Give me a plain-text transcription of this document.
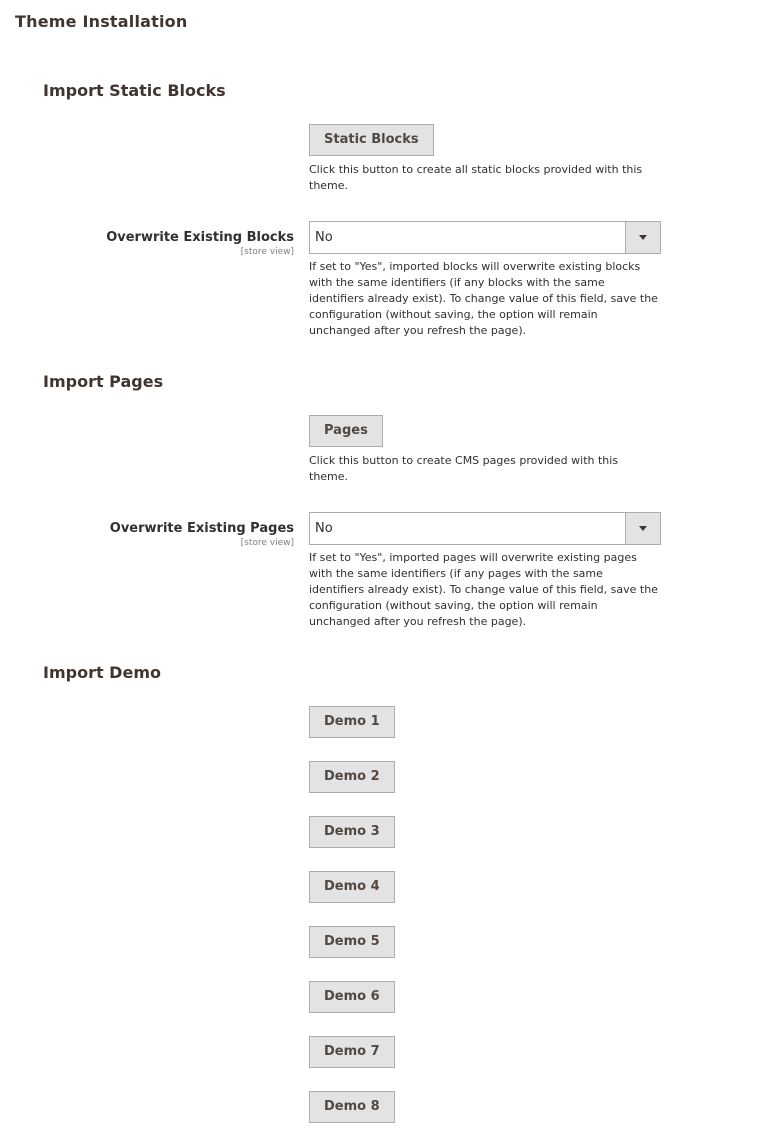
Theme Installation
Import Static Blocks
Static Blocks
Click this button to create all static blocks provided with this theme.
Overwrite Existing Blocks
[store view]
No
If set to "Yes", imported blocks will overwrite existing blocks with the same identifiers (if any blocks with the same identifiers already exist). To change value of this field, save the configuration (without saving, the option will remain unchanged after you refresh the page).
Import Pages
Pages
Click this button to create CMS pages provided with this theme.
Overwrite Existing Pages
[store view]
No
If set to "Yes", imported pages will overwrite existing pages with the same identifiers (if any pages with the same identifiers already exist). To change value of this field, save the configuration (without saving, the option will remain unchanged after you refresh the page).
Import Demo
Demo 1
Demo 2
Demo 3
Demo 4
Demo 5
Demo 6
Demo 7
Demo 8
